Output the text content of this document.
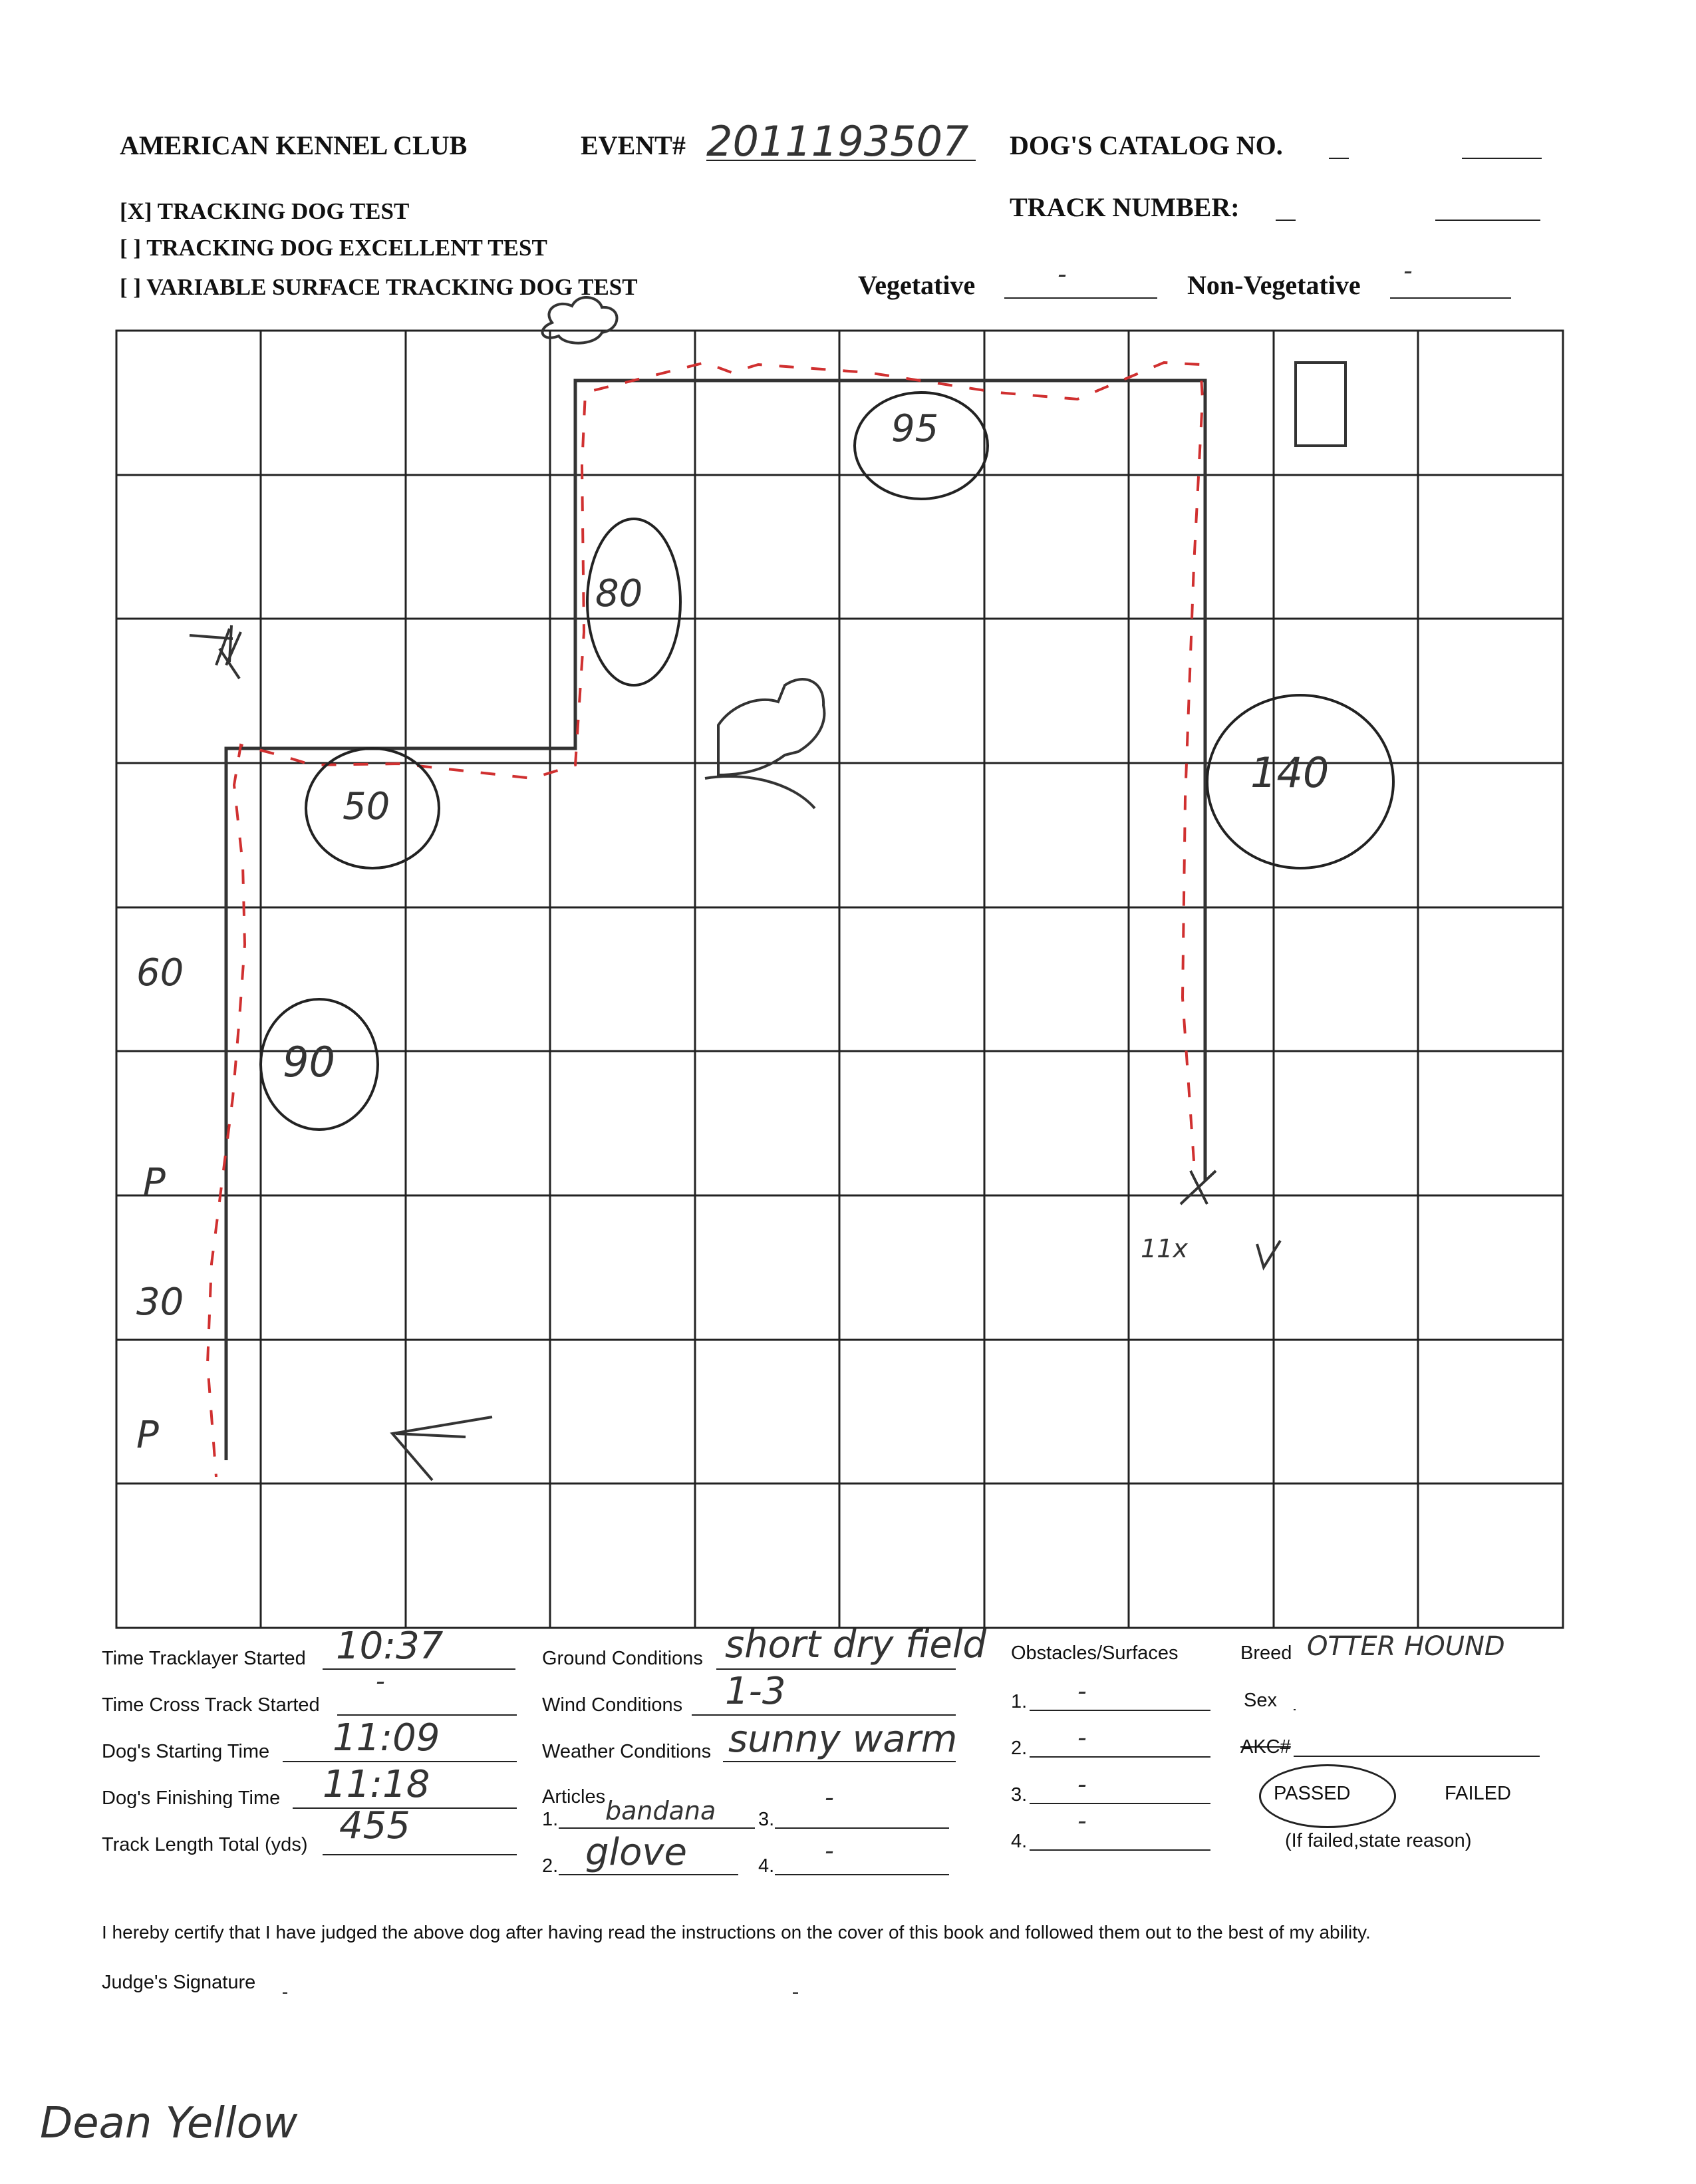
AMERICAN KENNEL CLUB	EVENT# 2011193507 DOG'S CATALOG NO.
TRACK NUMBER:
[X] TRACKING DOG TEST
[ ] TRACKING DOG EXCELLENT TEST
[ ] VARIABLE SURFACE TRACKING DOG TEST	Vegetative	-	Non-Vegetative -
95
80
50
140
90
60
P
30
P
11x
Time Tracklayer Started 10:37
Time Cross Track Started
-
Dog's Starting Time 11:09
Dog's Finishing Time 11:18
Track Length Total (yds) 455
Ground Conditions short dry field
Wind Conditions 1-3
Weather Conditions sunny warm
Articles
1. bandana 3.
-
2. glove	4.
-
Obstacles/Surfaces
1. -
2. -
3. -
4.
-
Breed OTTER HOUND
Sex
AKC#
PASSED	FAILED
(If failed,state reason)
I hereby certify that I have judged the above dog after having read the instructions on the cover of this book and followed them out to the best of my ability.
Judge's Signature
Dean Yellow
